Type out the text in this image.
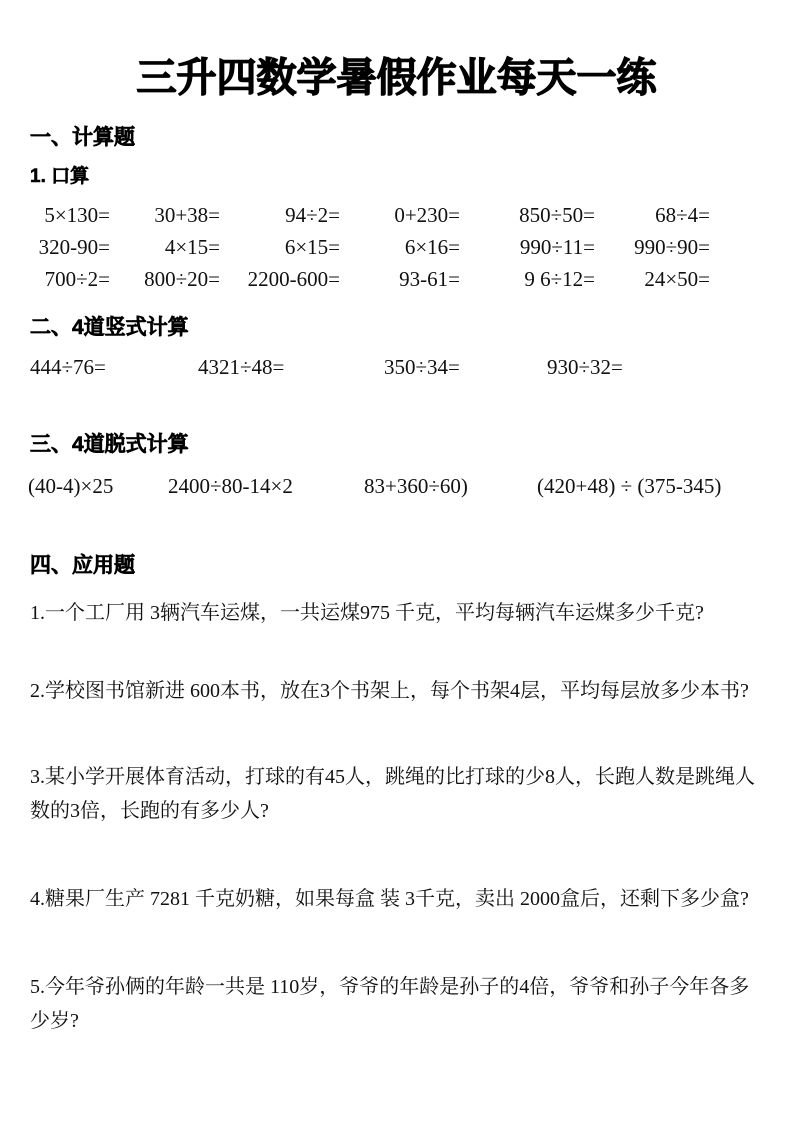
三升四数学暑假作业每天一练
一、计算题
1. 口算
5×130=	30+38=	94÷2=	0+230=	850÷50=	68÷4=
320-90=	4×15=	6×15=	6×16=	990÷11=	990÷90=
700÷2=	800÷20=	2200-600=	93-61=	9 6÷12=	24×50=
二、4道竖式计算
444÷76=	4321÷48=	350÷34=	930÷32=
三、4道脱式计算
(40-4)×25	2400÷80-14×2	83+360÷60)	(420+48) ÷ (375-345)
四、应用题

1.一个工厂用 3辆汽车运煤，一共运煤975 千克，平均每辆汽车运煤多少千克?

2.学校图书馆新进 600本书，放在3个书架上，每个书架4层，平均每层放多少本书?

3.某小学开展体育活动，打球的有45人，跳绳的比打球的少8人，长跑人数是跳绳人数的3倍，长跑的有多少人?

4.糖果厂生产 7281 千克奶糖，如果每盒 装 3千克，卖出 2000盒后，还剩下多少盒?

5.今年爷孙俩的年龄一共是 110岁，爷爷的年龄是孙子的4倍，爷爷和孙子今年各多少岁?
